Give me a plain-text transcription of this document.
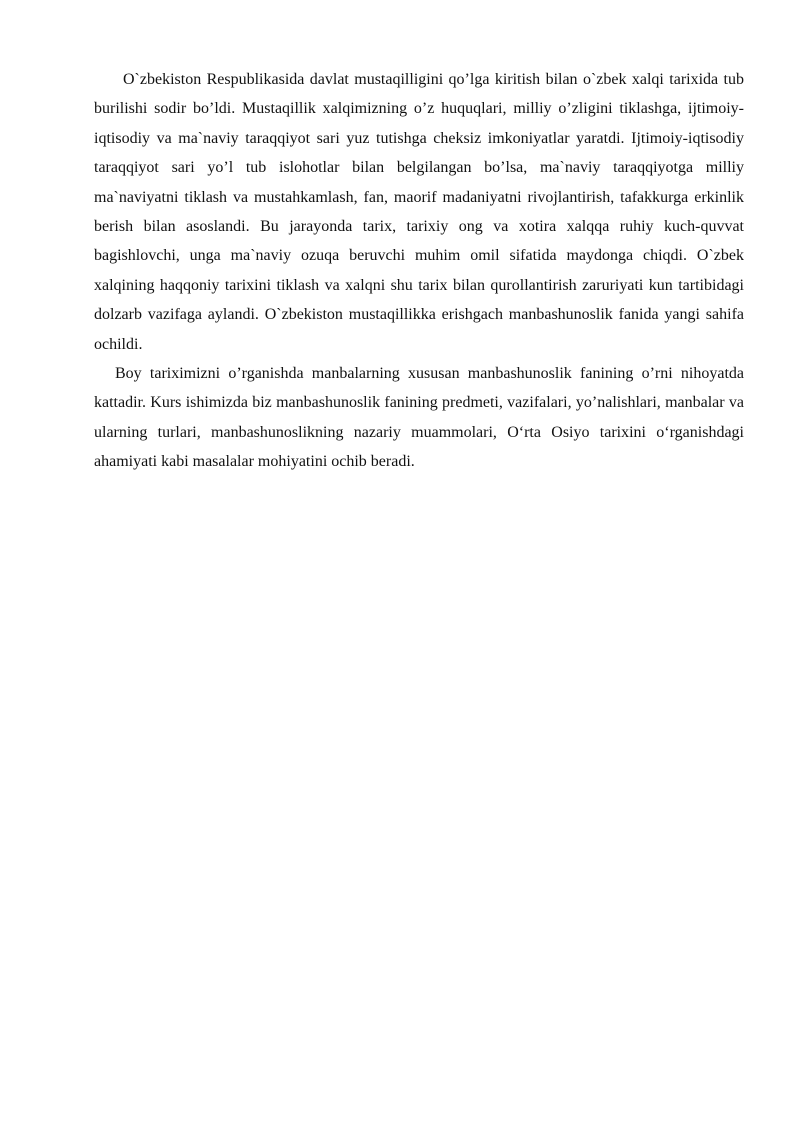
O`zbekiston Respublikasida davlat mustaqilligini qo’lga kiritish bilan o`zbek xalqi tarixida tub burilishi sodir bo’ldi. Mustaqillik xalqimizning o’z huquqlari, milliy o’zligini tiklashga, ijtimoiy-iqtisodiy va ma`naviy taraqqiyot sari yuz tutishga cheksiz imkoniyatlar yaratdi. Ijtimoiy-iqtisodiy taraqqiyot sari yo’l tub islohotlar bilan belgilangan bo’lsa, ma`naviy taraqqiyotga milliy ma`naviyatni tiklash va mustahkamlash, fan, maorif madaniyatni rivojlantirish, tafakkurga erkinlik berish bilan asoslandi. Bu jarayonda tarix, tarixiy ong va xotira xalqqa ruhiy kuch-quvvat bagishlovchi, unga ma`naviy ozuqa beruvchi muhim omil sifatida maydonga chiqdi. O`zbek xalqining haqqoniy tarixini tiklash va xalqni shu tarix bilan qurollantirish zaruriyati kun tartibidagi dolzarb vazifaga aylandi. O`zbekiston mustaqillikka erishgach manbashunoslik fanida yangi sahifa ochildi.

Boy tariximizni o’rganishda manbalarning xususan manbashunoslik fanining o’rni nihoyatda kattadir. Kurs ishimizda biz manbashunoslik fanining predmeti, vazifalari, yo’nalishlari, manbalar va ularning turlari, manbashunoslikning nazariy muammolari, O‘rta Osiyo tarixini o‘rganishdagi ahamiyati kabi masalalar mohiyatini ochib beradi.
